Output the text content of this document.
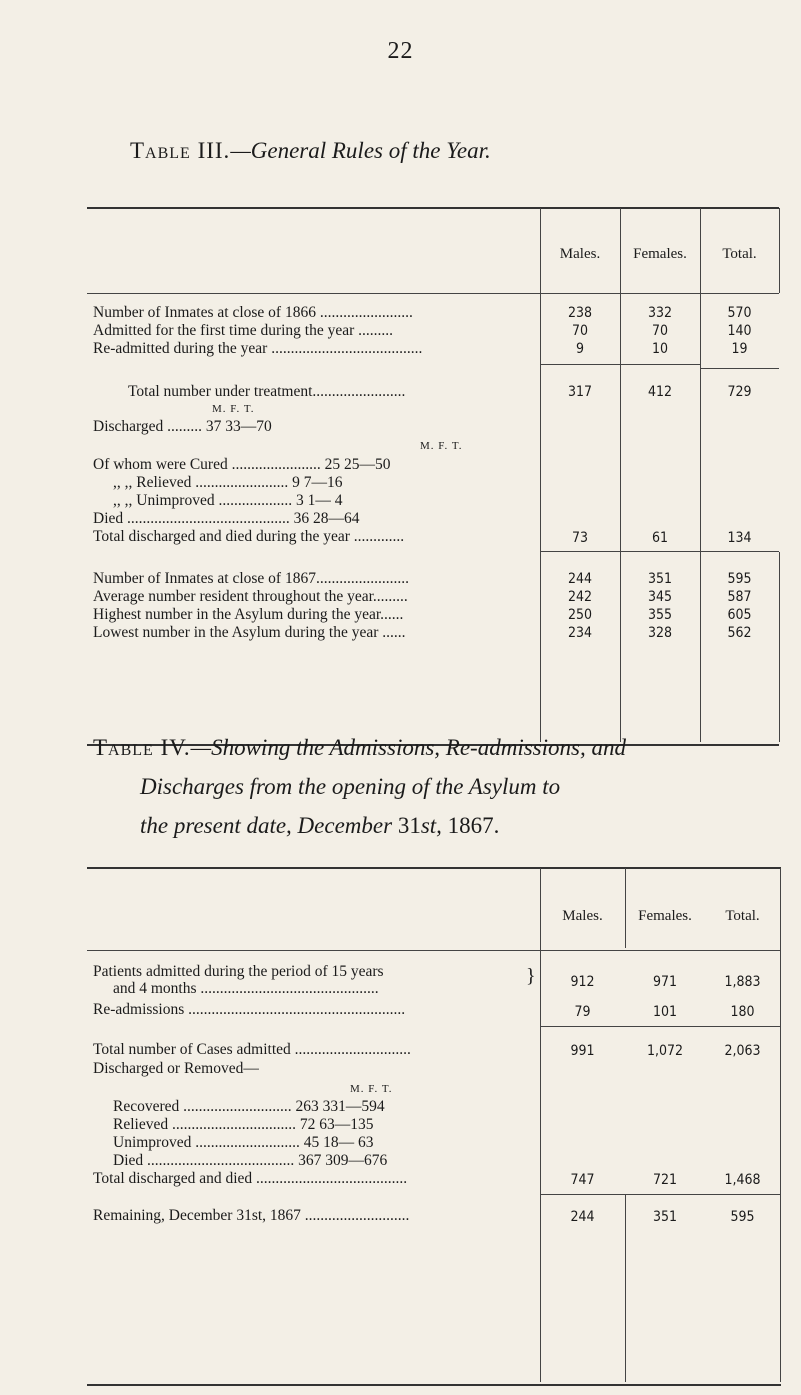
22
Table III.—General Rules of the Year.
Males.	Females.	Total.
Number of Inmates at close of 1866 ........................	238	332	570
Admitted for the first time during the year .........	70	70	140
Re-admitted during the year .......................................	9	10	19
Total number under treatment........................	317	412	729
M. F. T.
Discharged ......... 37 33—70
M. F. T.
Of whom were Cured ....................... 25 25—50
,, ,, Relieved ........................ 9 7—16
,, ,, Unimproved ................... 3 1— 4
Died .......................................... 36 28—64
Total discharged and died during the year .............	73	61	134
Number of Inmates at close of 1867........................	244	351	595
Average number resident throughout the year.........	242	345	587
Highest number in the Asylum during the year......	250	355	605
Lowest number in the Asylum during the year ......	234	328	562
Table IV.—Showing the Admissions, Re-admissions, and
Discharges from the opening of the Asylum to
the present date, December 31st, 1867.
Males.	Females.	Total.
Patients admitted during the period of 15 years
and 4 months ..............................................
}	912	971	1,883
Re-admissions ........................................................	79	101	180
Total number of Cases admitted ..............................	991	1,072	2,063
Discharged or Removed—
M. F. T.
Recovered ............................ 263 331—594
Relieved ................................ 72 63—135
Unimproved ........................... 45 18— 63
Died ...................................... 367 309—676
Total discharged and died .......................................	747	721	1,468
Remaining, December 31st, 1867 ...........................	244	351	595
